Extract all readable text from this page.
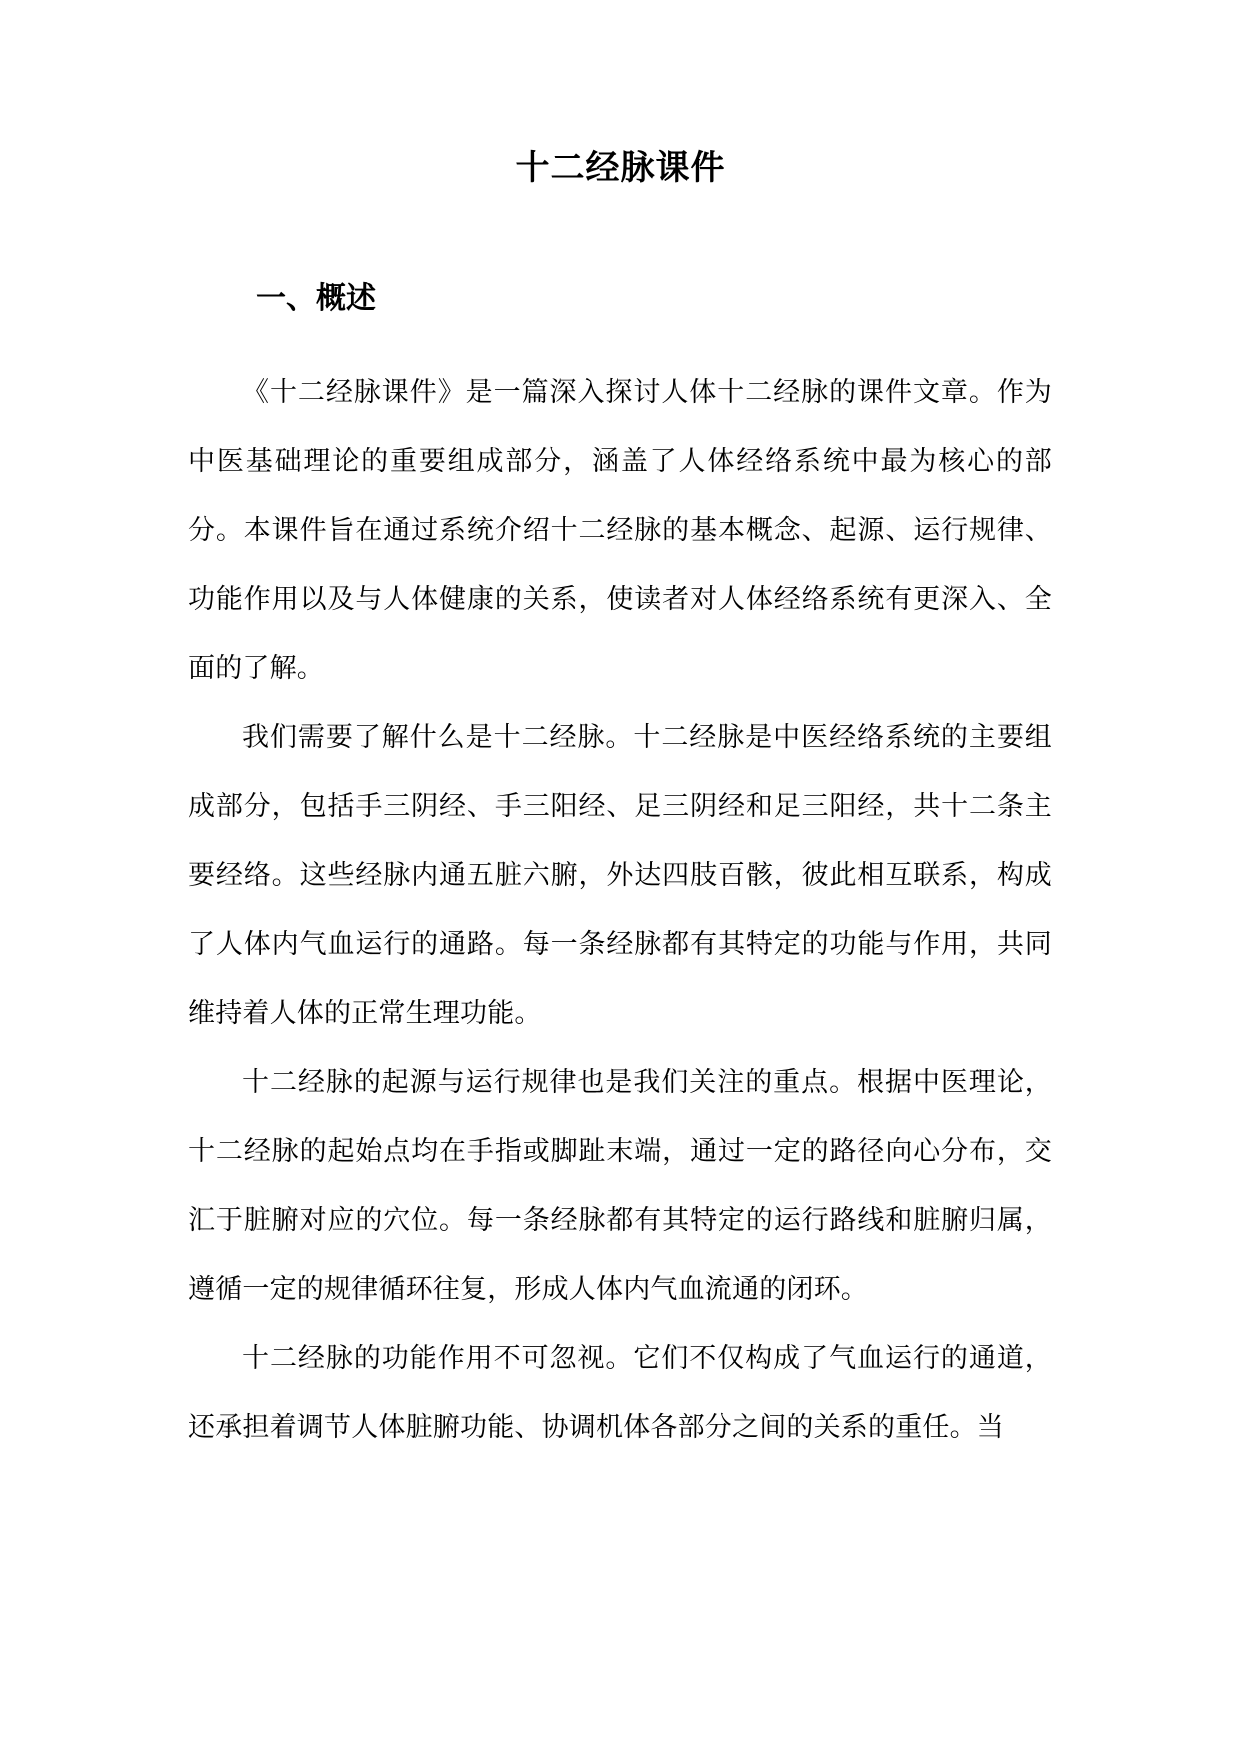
十二经脉课件
一、概述

《十二经脉课件》是一篇深入探讨人体十二经脉的课件文章。作为中医基础理论的重要组成部分，涵盖了人体经络系统中最为核心的部分。本课件旨在通过系统介绍十二经脉的基本概念、起源、运行规律、功能作用以及与人体健康的关系，使读者对人体经络系统有更深入、全面的了解。

我们需要了解什么是十二经脉。十二经脉是中医经络系统的主要组成部分，包括手三阴经、手三阳经、足三阴经和足三阳经，共十二条主要经络。这些经脉内通五脏六腑，外达四肢百骸，彼此相互联系，构成了人体内气血运行的通路。每一条经脉都有其特定的功能与作用，共同维持着人体的正常生理功能。

十二经脉的起源与运行规律也是我们关注的重点。根据中医理论，十二经脉的起始点均在手指或脚趾末端，通过一定的路径向心分布，交汇于脏腑对应的穴位。每一条经脉都有其特定的运行路线和脏腑归属，遵循一定的规律循环往复，形成人体内气血流通的闭环。

十二经脉的功能作用不可忽视。它们不仅构成了气血运行的通道，还承担着调节人体脏腑功能、协调机体各部分之间的关系的重任。当
